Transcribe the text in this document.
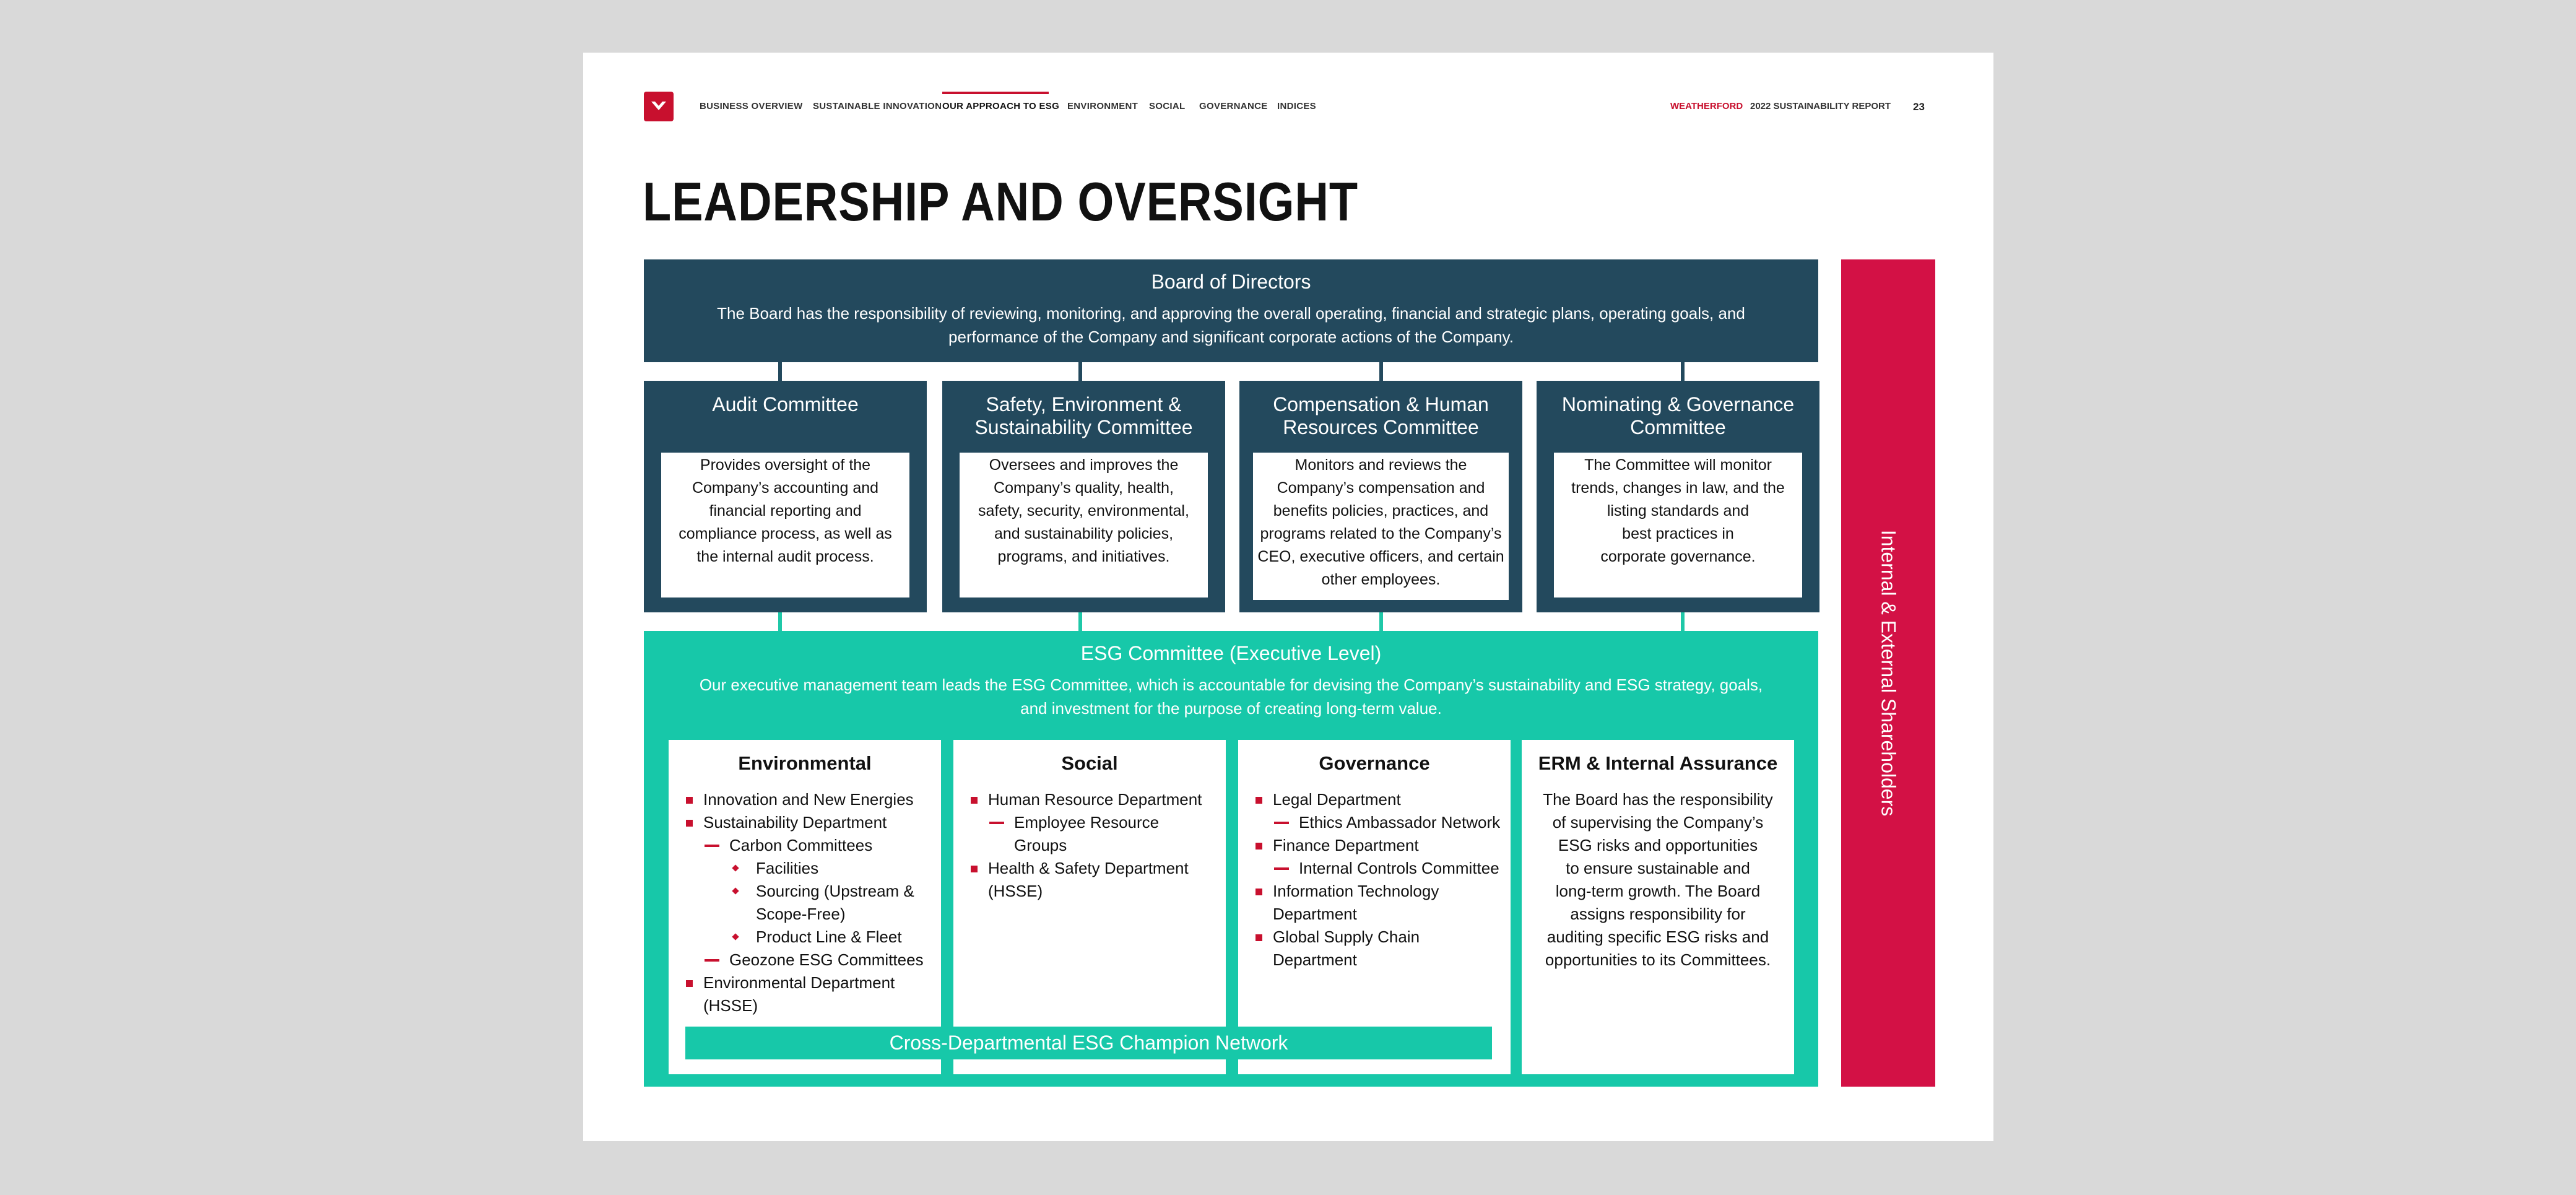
BUSINESS OVERVIEW SUSTAINABLE INNOVATION OUR APPROACH TO ESG ENVIRONMENT SOCIAL GOVERNANCE INDICES	WEATHERFORD 2022 SUSTAINABILITY REPORT 23
LEADERSHIP AND OVERSIGHT
Board of Directors
The Board has the responsibility of reviewing, monitoring, and approving the overall operating, financial and strategic plans, operating goals, and
performance of the Company and significant corporate actions of the Company.
Audit Committee
Provides oversight of the
Company’s accounting and
financial reporting and
compliance process, as well as
the internal audit process.
Safety, Environment &
Sustainability Committee
Oversees and improves the
Company’s quality, health,
safety, security, environmental,
and sustainability policies,
programs, and initiatives.
Compensation & Human
Resources Committee
Monitors and reviews the
Company’s compensation and
benefits policies, practices, and
programs related to the Company’s
CEO, executive officers, and certain
other employees.
Nominating & Governance
Committee
The Committee will monitor
trends, changes in law, and the
listing standards and
best practices in
corporate governance.
ESG Committee (Executive Level)
Our executive management team leads the ESG Committee, which is accountable for devising the Company’s sustainability and ESG strategy, goals,
and investment for the purpose of creating long-term value.
Environmental
Innovation and New Energies
Sustainability Department
Carbon Committees
Facilities
Sourcing (Upstream &
Scope-Free)
Product Line & Fleet
Geozone ESG Committees
Environmental Department
(HSSE)
Social
Human Resource Department
Employee Resource
Groups
Health & Safety Department
(HSSE)
Governance
Legal Department
Ethics Ambassador Network
Finance Department
Internal Controls Committee
Information Technology
Department
Global Supply Chain
Department
ERM & Internal Assurance
The Board has the responsibility
of supervising the Company’s
ESG risks and opportunities
to ensure sustainable and
long-term growth. The Board
assigns responsibility for
auditing specific ESG risks and
opportunities to its Committees.
Internal & External Shareholders
Cross-Departmental ESG Champion Network
